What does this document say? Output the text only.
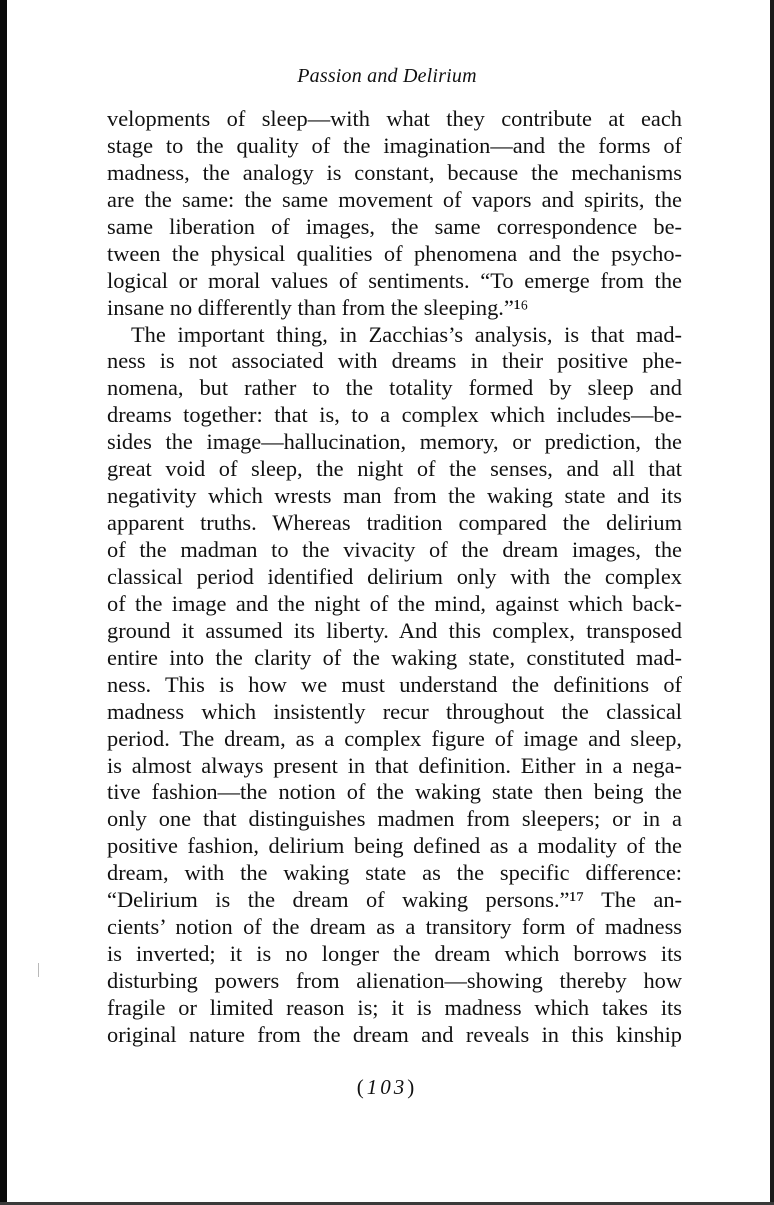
Passion and Delirium
velopments of sleep—with what they contribute at each
stage to the quality of the imagination—and the forms of
madness, the analogy is constant, because the mechanisms
are the same: the same movement of vapors and spirits, the
same liberation of images, the same correspondence be-
tween the physical qualities of phenomena and the psycho-
logical or moral values of sentiments. “To emerge from the
insane no differently than from the sleeping.”¹⁶
The important thing, in Zacchias’s analysis, is that mad-
ness is not associated with dreams in their positive phe-
nomena, but rather to the totality formed by sleep and
dreams together: that is, to a complex which includes—be-
sides the image—hallucination, memory, or prediction, the
great void of sleep, the night of the senses, and all that
negativity which wrests man from the waking state and its
apparent truths. Whereas tradition compared the delirium
of the madman to the vivacity of the dream images, the
classical period identified delirium only with the complex
of the image and the night of the mind, against which back-
ground it assumed its liberty. And this complex, transposed
entire into the clarity of the waking state, constituted mad-
ness. This is how we must understand the definitions of
madness which insistently recur throughout the classical
period. The dream, as a complex figure of image and sleep,
is almost always present in that definition. Either in a nega-
tive fashion—the notion of the waking state then being the
only one that distinguishes madmen from sleepers; or in a
positive fashion, delirium being defined as a modality of the
dream, with the waking state as the specific difference:
“Delirium is the dream of waking persons.”¹⁷ The an-
cients’ notion of the dream as a transitory form of madness
is inverted; it is no longer the dream which borrows its
disturbing powers from alienation—showing thereby how
fragile or limited reason is; it is madness which takes its
original nature from the dream and reveals in this kinship
(103)
